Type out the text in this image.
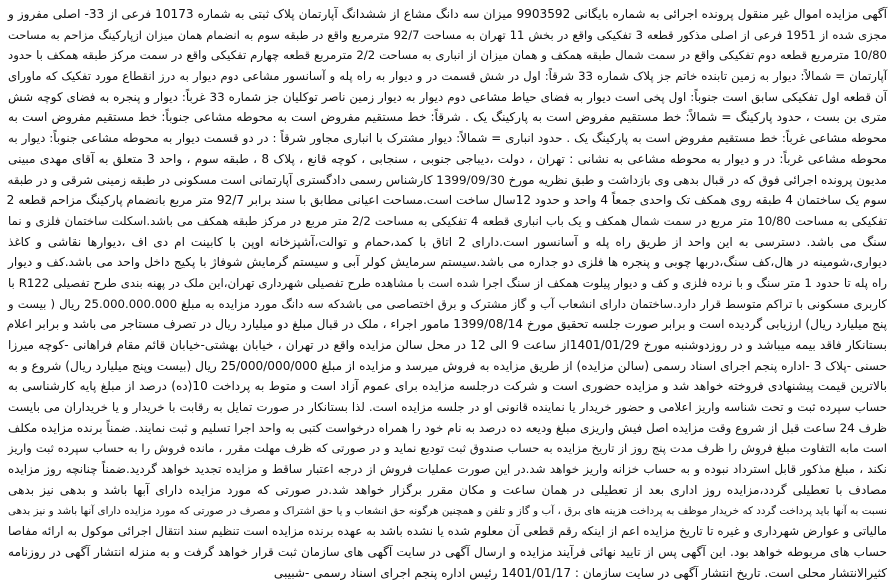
آگهی مزایده اموال غیر منقول پرونده اجرائی به شماره بایگانی 9903592 میزان سه دانگ مشاع از ششدانگ آپارتمان پلاک ثبتی به شماره 10173 فرعی از 33- اصلی مفروز و
مجزی شده از 1951 فرعی از اصلی مذکور قطعه 3 تفکیکی واقع در بخش 11 تهران به مساحت 92/7 مترمربع واقع در طبقه سوم به انضمام همان میزان ازپارکینگ مزاحم به مساحت
10/80 مترمربع قطعه دوم تفکیکی واقع در سمت شمال طبقه همکف و همان میزان از انباری به مساحت 2/2 مترمربع قطعه چهارم تفکیکی واقع در سمت مرکز طبقه همکف با حدود
آپارتمان = شمالاً: دیوار به زمین تابنده خاتم جز پلاک شماره 33 شرقاً: اول در شش قسمت در و دیوار به راه پله و آسانسور مشاعی دوم دیوار به درز انقطاع مورد تفکیک که ماورای
آن قطعه اول تفکیکی سابق است جنوباً: اول پخی است دیوار به فضای حیاط مشاعی دوم دیوار به دیوار زمین ناصر توکلیان جز شماره 33 غرباً: دیوار و پنجره به فضای کوچه شش
متری بن بست ، حدود پارکینگ = شمالاً: خط مستقیم مفروض است به پارکینگ یک . شرقاً: خط مستقیم مفروض است به محوطه مشاعی جنوباً: خط مستقیم مفروض است به
محوطه مشاعی غرباً: خط مستقیم مفروض است به پارکینگ یک . حدود انباری = شمالاً: دیوار مشترک با انباری مجاور شرقاً : در دو قسمت دیوار به محوطه مشاعی جنوباً: دیوار به
محوطه مشاعی غرباً: در و دیوار به محوطه مشاعی به نشانی : تهران ، دولت ،دیباجی جنوبی ، سنجابی ، کوچه قانع ، پلاک 8 ، طبقه سوم ، واحد 3 متعلق به آقای مهدی مبینی
مدیون پرونده اجرائی فوق که در قبال بدهی وی بازداشت و طبق نظریه مورخ 1399/09/30 کارشناس رسمی دادگستری آپارتمانی است مسکونی در طبقه زمینی شرقی و در طبقه
سوم یک ساختمان 4 طبقه روی همکف تک واحدی جمعاً 4 واحد و حدود 12سال ساخت است.مساحت اعیانی مطابق با سند برابر 92/7 متر مربع بانضمام پارکینگ مزاحم قطعه 2
تفکیکی به مساحت 10/80 متر مربع در سمت شمال همکف و یک باب انباری قطعه 4 تفکیکی به مساحت 2/2 متر مربع در مرکز طبقه همکف می باشد.اسکلت ساختمان فلزی و نما
سنگ می باشد. دسترسی به این واحد از طریق راه پله و آسانسور است.دارای 2 اتاق با کمد،حمام و توالت،آشپزخانه اوپن با کابینت ام دی اف ،دیوارها نقاشی و کاغذ
دیواری،شومینه در هال،کف سنگ،دربها چوبی و پنجره ها فلزی دو جداره می باشد.سیستم سرمایش کولر آبی و سیستم گرمایش شوفاژ با پکیج داخل واحد می باشد.کف و دیوار
راه پله تا حدود 1 متر سنگ و با نرده فلزی و کف و دیوار پیلوت همکف از سنگ اجرا شده است با مشاهده طرح تفصیلی شهرداری تهران،این ملک در پهنه بندی طرح تفصیلی R122 با
کاربری مسکونی با تراکم متوسط قرار دارد.ساختمان دارای انشعاب آب و گاز مشترک و برق اختصاصی می باشدکه سه دانگ مورد مزایده به مبلغ 25.000.000.000 ریال ( بیست و
پنج میلیارد ریال) ارزیابی گردیده است و برابر صورت جلسه تحقیق مورخ 1399/08/14 مامور اجراء ، ملک در قبال مبلغ دو میلیارد ریال در تصرف مستاجر می باشد و برابر اعلام
بستانکار فاقد بیمه میباشد و در روزدوشنبه مورخ 1401/01/29از ساعت 9 الی 12 در محل سالن مزایده واقع در تهران ، خیابان بهشتی-خیابان قائم مقام فراهانی -کوچه میرزا
حسنی -پلاک 3 -اداره پنجم اجرای اسناد رسمی (سالن مزایده) از طریق مزایده به فروش میرسد و مزایده از مبلغ 25/000/000/000 ریال (بیست وپنج میلیارد ریال) شروع و به
بالاترین قیمت پیشنهادی فروخته خواهد شد و مزایده حضوری است و شرکت درجلسه مزایده برای عموم آزاد است و متوط به پرداخت 10(ده) درصد از مبلغ پایه کارشناسی به
حساب سپرده ثبت و تحت شناسه واریز اعلامی و حضور خریدار یا نماینده قانونی او در جلسه مزایده است. لذا بستانکار در صورت تمایل به رقابت با خریدار و یا خریداران می بایست
ظرف 24 ساعت قبل از شروع وقت مزایده اصل فیش واریزی مبلغ ودیعه ده درصد به نام خود را همراه درخواست کتبی به واحد اجرا تسلیم و ثبت نمایند. ضمناً برنده مزایده مکلف
است مابه التفاوت مبلغ فروش را ظرف مدت پنج روز از تاریخ مزایده به حساب صندوق ثبت تودیع نماید و در صورتی که ظرف مهلت مقرر ، مانده فروش را به حساب سپرده ثبت واریز
نکند ، مبلغ مذکور قابل استرداد نبوده و به حساب خزانه واریز خواهد شد.در این صورت عملیات فروش از درجه اعتبار ساقط و مزایده تجدید خواهد گردید.ضمناً چنانچه روز مزایده
مصادف با تعطیلی گردد،مزایده روز اداری بعد از تعطیلی در همان ساعت و مکان مقرر برگزار خواهد شد.در صورتی که مورد مزایده دارای آبها باشد و بدهی نیز بدهی
نسبت به آنها باید پرداخت گردد که خریدار موظف به پرداخت هزینه های برق ، آب و گاز و تلفن و همچنین هرگونه حق انشعاب و یا حق اشتراک و مصرف در صورتی که مورد مزایده دارای آنها باشد و نیز بدهی
مالیاتی و عوارض شهرداری و غیره تا تاریخ مزایده اعم از اینکه رقم قطعی آن معلوم شده یا نشده باشد به عهده برنده مزایده است تنظیم سند انتقال اجرائی موکول به ارائه مفاصا
حساب های مربوطه خواهد بود. این آگهی پس از تایید نهائی فرآیند مزایده و ارسال آگهی در سایت آگهی های سازمان ثبت قرار خواهد گرفت و به منزله انتشار آگهی در روزنامه
کثیرالانتشار محلی است. تاریخ انتشار آگهی در سایت سازمان : 1401/01/17 رئیس اداره پنجم اجرای اسناد رسمی -شبیبی
